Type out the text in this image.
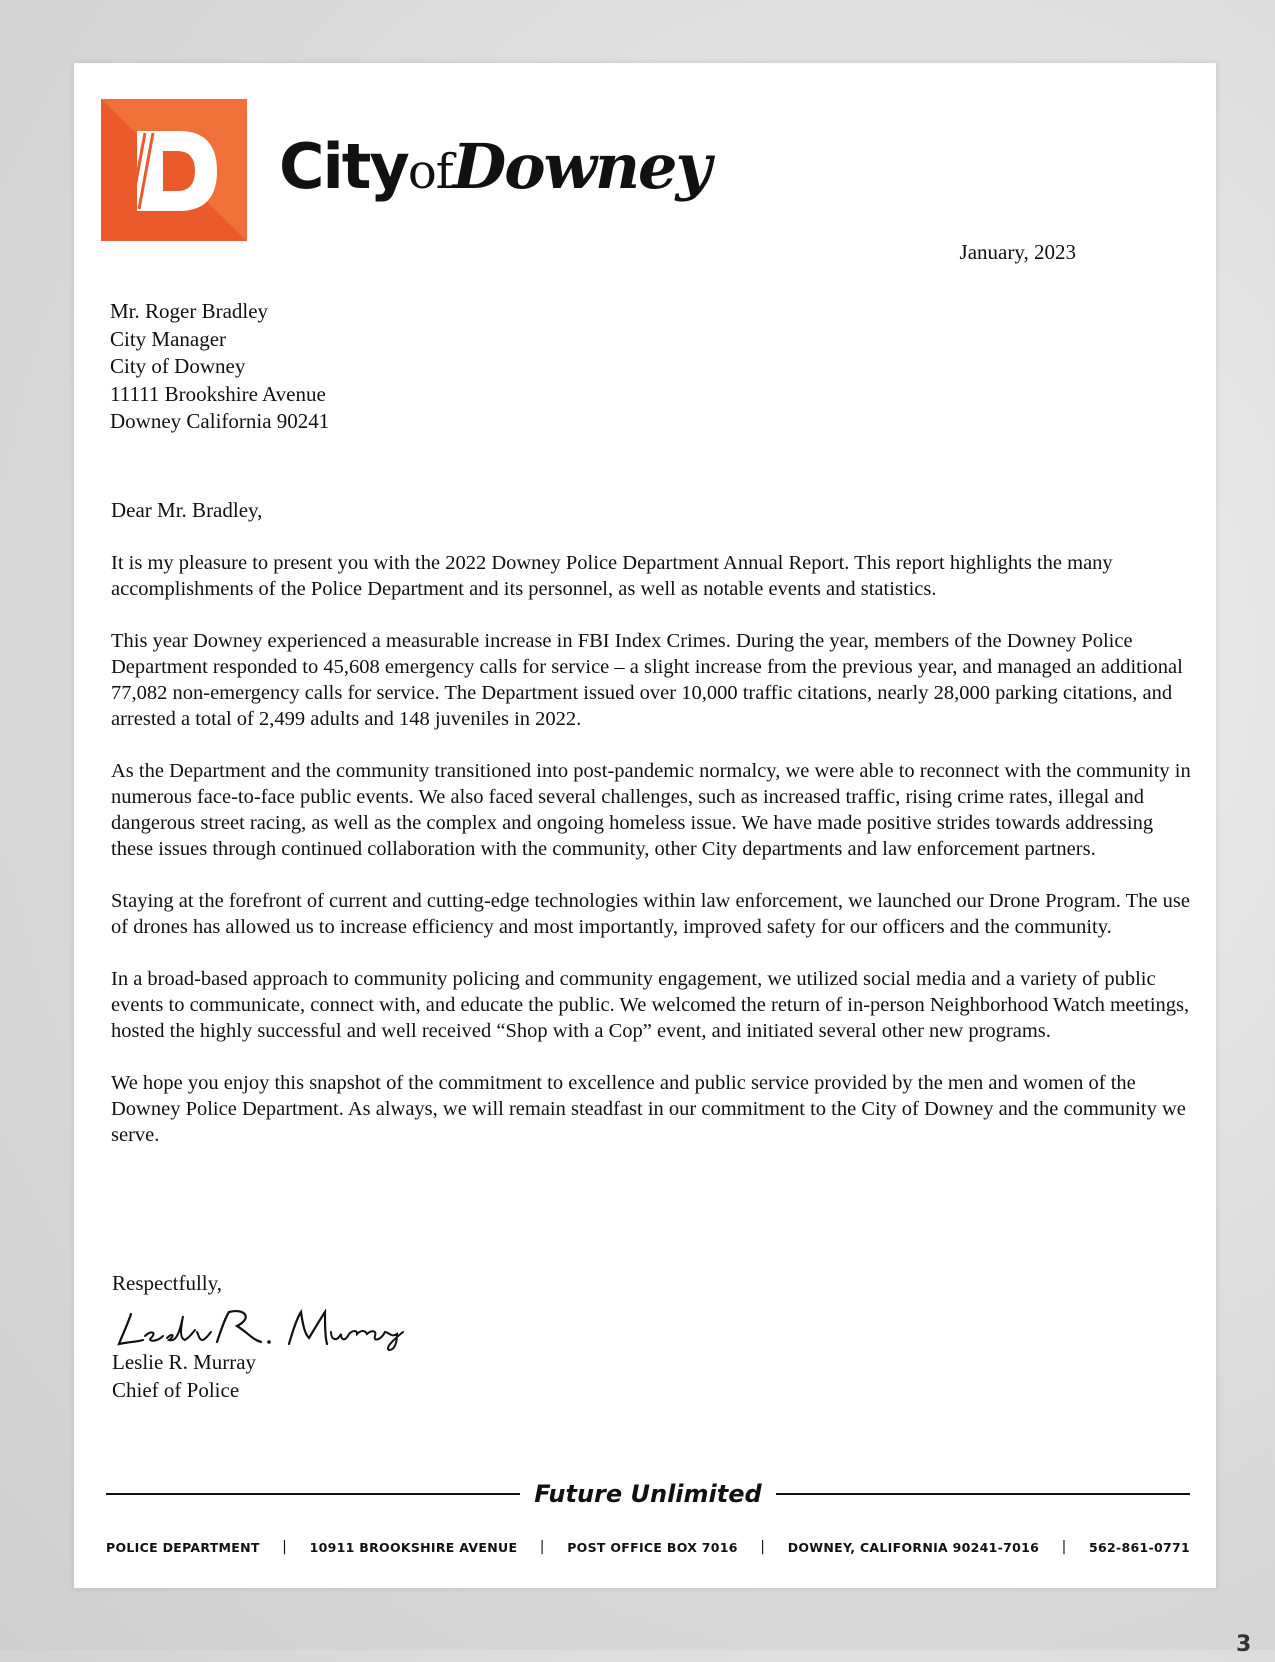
CityofDowney
January, 2023
Mr. Roger Bradley
City Manager
City of Downey
11111 Brookshire Avenue
Downey California 90241
Dear Mr. Bradley,

It is my pleasure to present you with the 2022 Downey Police Department Annual Report. This report highlights the many accomplishments of the Police Department and its personnel, as well as notable events and statistics.

This year Downey experienced a measurable increase in FBI Index Crimes. During the year, members of the Downey Police Department responded to 45,608 emergency calls for service – a slight increase from the previous year, and managed an additional 77,082 non-emergency calls for service. The Department issued over 10,000 traffic citations, nearly 28,000 parking citations, and arrested a total of 2,499 adults and 148 juveniles in 2022.

As the Department and the community transitioned into post-pandemic normalcy, we were able to reconnect with the community in numerous face-to-face public events. We also faced several challenges, such as increased traffic, rising crime rates, illegal and dangerous street racing, as well as the complex and ongoing homeless issue. We have made positive strides towards addressing these issues through continued collaboration with the community, other City departments and law enforcement partners.

Staying at the forefront of current and cutting-edge technologies within law enforcement, we launched our Drone Program. The use of drones has allowed us to increase efficiency and most importantly, improved safety for our officers and the community.

In a broad-based approach to community policing and community engagement, we utilized social media and a variety of public events to communicate, connect with, and educate the public. We welcomed the return of in-person Neighborhood Watch meetings, hosted the highly successful and well received “Shop with a Cop” event, and initiated several other new programs.

We hope you enjoy this snapshot of the commitment to excellence and public service provided by the men and women of the Downey Police Department. As always, we will remain steadfast in our commitment to the City of Downey and the community we serve.

Respectfully,
Leslie R. Murray
Chief of Police
Future Unlimited
POLICE DEPARTMENT | 10911 BROOKSHIRE AVENUE | POST OFFICE BOX 7016 | DOWNEY, CALIFORNIA 90241-7016 | 562-861-0771
3
